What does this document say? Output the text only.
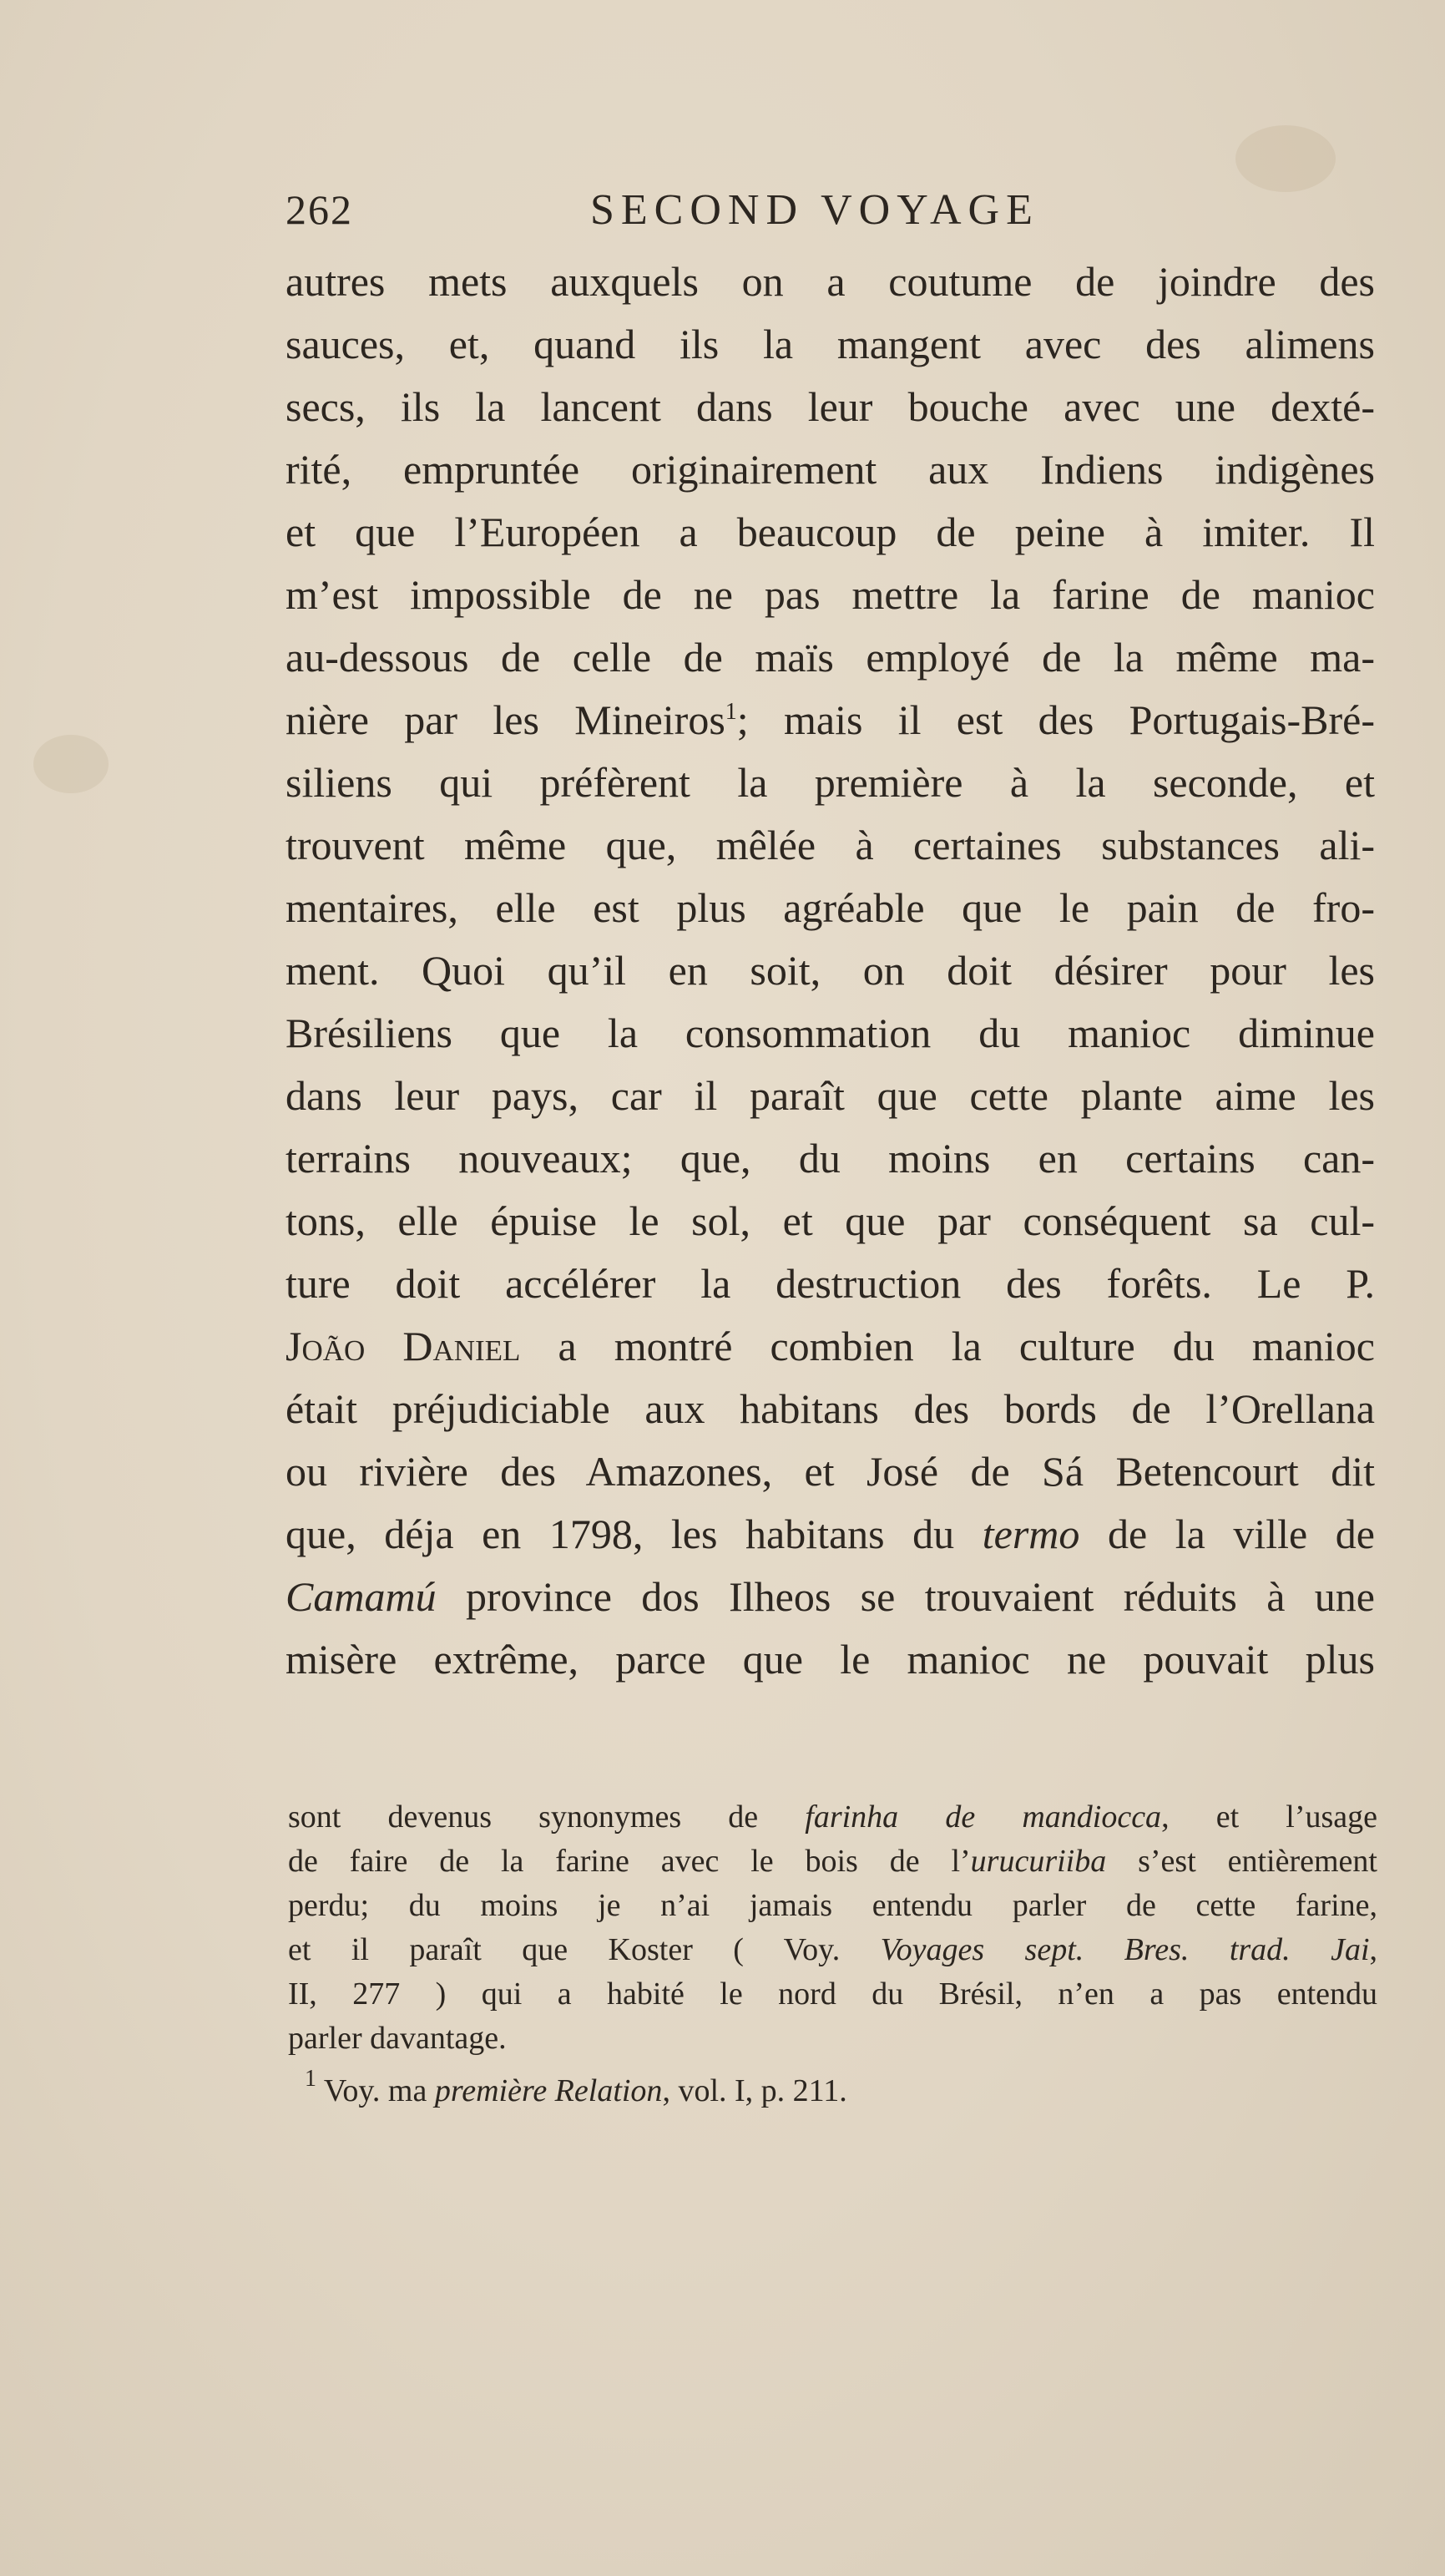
262	SECOND VOYAGE
autres mets auxquels on a coutume de joindre des
sauces, et, quand ils la mangent avec des alimens
secs, ils la lancent dans leur bouche avec une dexté-
rité, empruntée originairement aux Indiens indigènes
et que l’Européen a beaucoup de peine à imiter. Il
m’est impossible de ne pas mettre la farine de manioc
au-dessous de celle de maïs employé de la même ma-
nière par les Mineiros$^1$; mais il est des Portugais-Bré-
siliens qui préfèrent la première à la seconde, et
trouvent même que, mêlée à certaines substances ali-
mentaires, elle est plus agréable que le pain de fro-
ment. Quoi qu’il en soit, on doit désirer pour les
Brésiliens que la consommation du manioc diminue
dans leur pays, car il paraît que cette plante aime les
terrains nouveaux; que, du moins en certains can-
tons, elle épuise le sol, et que par conséquent sa cul-
ture doit accélérer la destruction des forêts. Le P.
João Daniel a montré combien la culture du manioc
était préjudiciable aux habitans des bords de l’Orellana
ou rivière des Amazones, et José de Sá Betencourt dit
que, déja en 1798, les habitans du termo de la ville de
Camamú province dos Ilheos se trouvaient réduits à une
misère extrême, parce que le manioc ne pouvait plus
sont devenus synonymes de farinha de mandiocca, et l’usage
de faire de la farine avec le bois de l’urucuriiba s’est entièrement
perdu; du moins je n’ai jamais entendu parler de cette farine,
et il paraît que Koster ( Voy. Voyages sept. Bres. trad. Jai,
II, 277 ) qui a habité le nord du Brésil, n’en a pas entendu
parler davantage.
$^1$ Voy. ma première Relation, vol. I, p. 211.
